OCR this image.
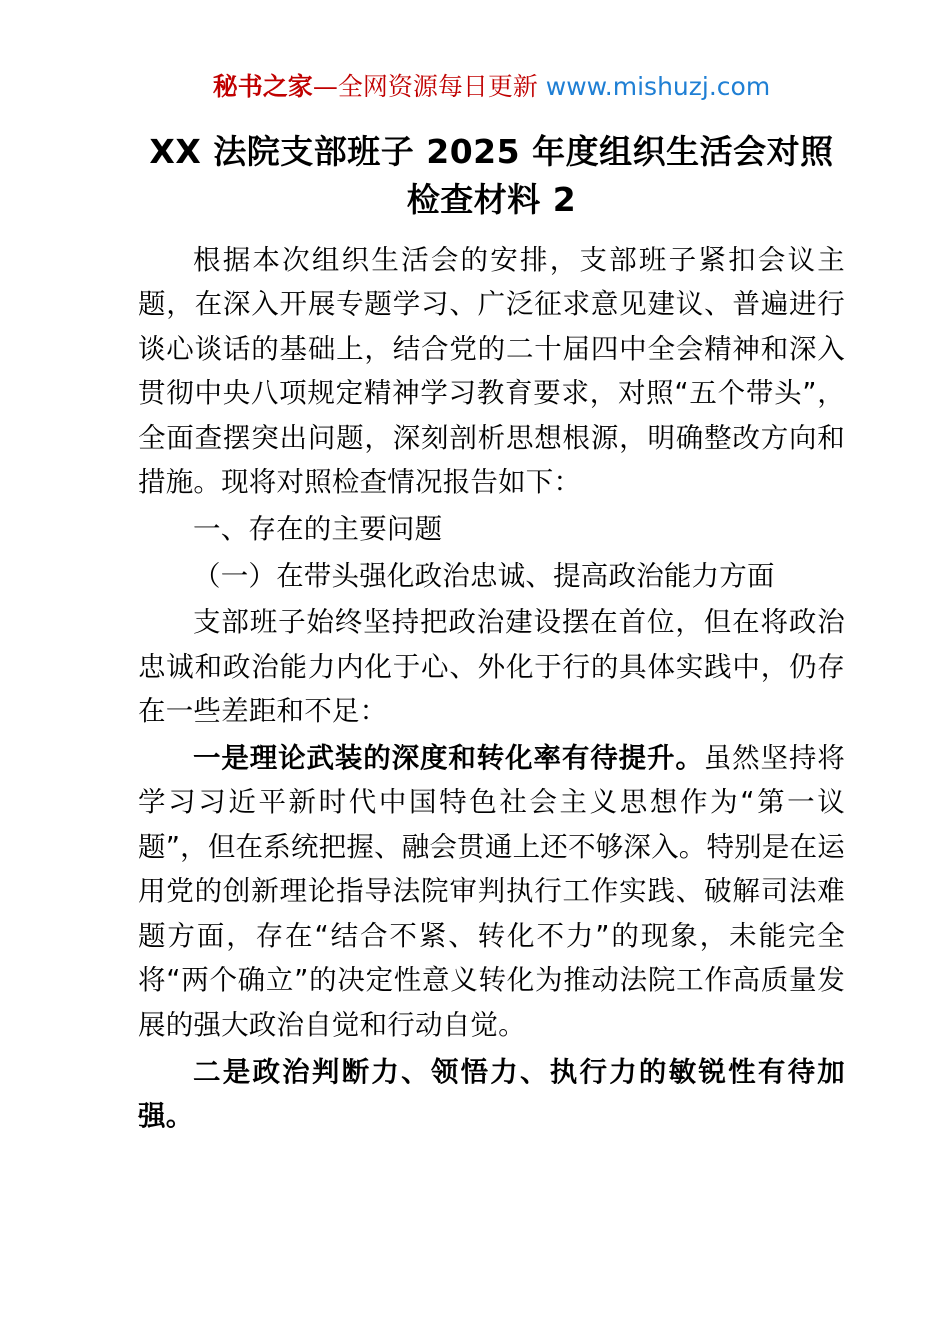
秘书之家—全网资源每日更新 www.mishuzj.com
XX 法院支部班子 2025 年度组织生活会对照检查材料 2

根据本次组织生活会的安排，支部班子紧扣会议主题，在深入开展专题学习、广泛征求意见建议、普遍进行谈心谈话的基础上，结合党的二十届四中全会精神和深入贯彻中央八项规定精神学习教育要求，对照“五个带头”，全面查摆突出问题，深刻剖析思想根源，明确整改方向和措施。现将对照检查情况报告如下：

一、存在的主要问题

（一）在带头强化政治忠诚、提高政治能力方面

支部班子始终坚持把政治建设摆在首位，但在将政治忠诚和政治能力内化于心、外化于行的具体实践中，仍存在一些差距和不足：

一是理论武装的深度和转化率有待提升。虽然坚持将学习习近平新时代中国特色社会主义思想作为“第一议题”，但在系统把握、融会贯通上还不够深入。特别是在运用党的创新理论指导法院审判执行工作实践、破解司法难题方面，存在“结合不紧、转化不力”的现象，未能完全将“两个确立”的决定性意义转化为推动法院工作高质量发展的强大政治自觉和行动自觉。

二是政治判断力、领悟力、执行力的敏锐性有待加强。
